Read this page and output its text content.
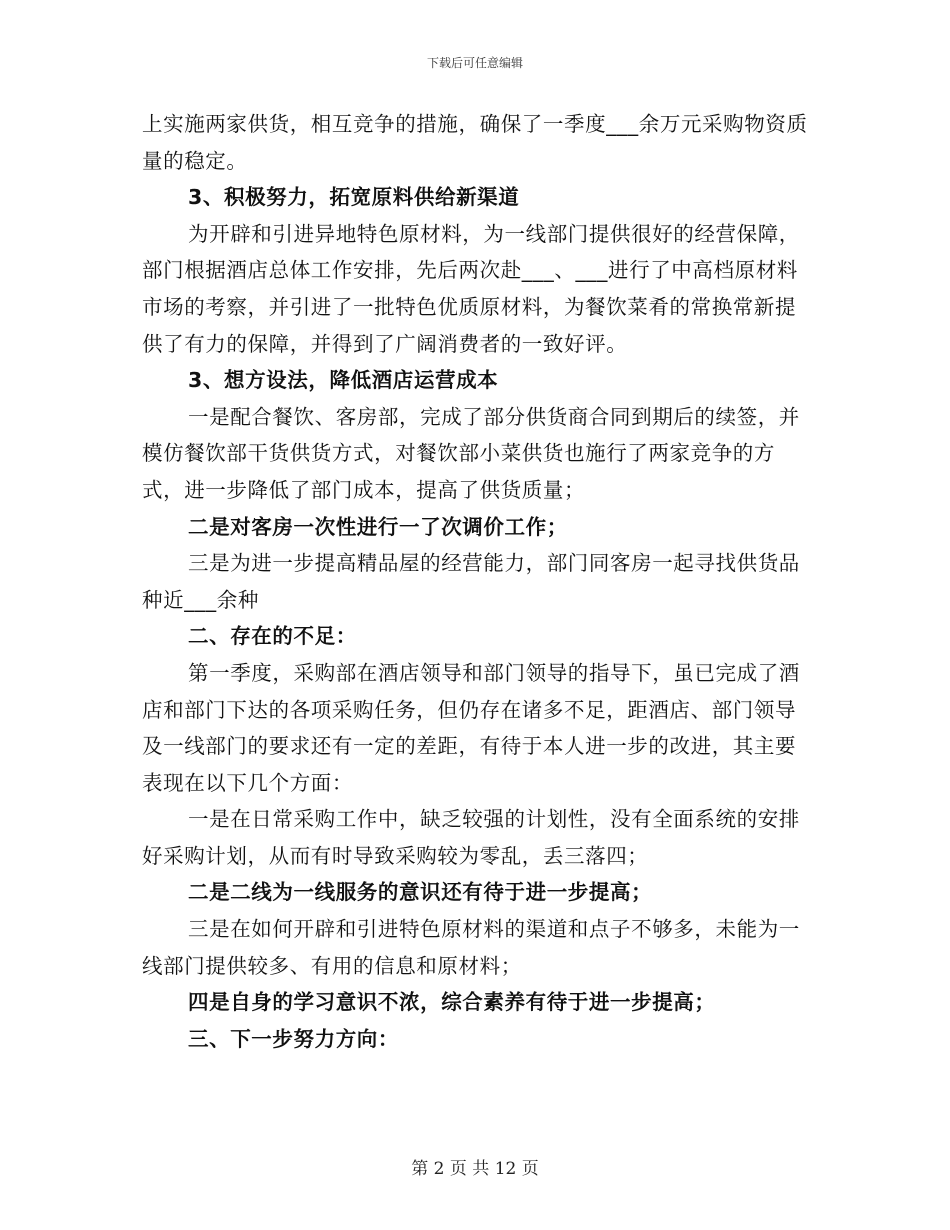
下载后可任意编辑

上实施两家供货，相互竞争的措施，确保了一季度___余万元采购物资质量的稳定。

3、积极努力，拓宽原料供给新渠道

为开辟和引进异地特色原材料，为一线部门提供很好的经营保障，部门根据酒店总体工作安排，先后两次赴___、___进行了中高档原材料市场的考察，并引进了一批特色优质原材料，为餐饮菜肴的常换常新提供了有力的保障，并得到了广阔消费者的一致好评。

3、想方设法，降低酒店运营成本

一是配合餐饮、客房部，完成了部分供货商合同到期后的续签，并模仿餐饮部干货供货方式，对餐饮部小菜供货也施行了两家竞争的方式，进一步降低了部门成本，提高了供货质量；

二是对客房一次性进行一了次调价工作；

三是为进一步提高精品屋的经营能力，部门同客房一起寻找供货品种近___余种

二、存在的不足：

第一季度，采购部在酒店领导和部门领导的指导下，虽已完成了酒店和部门下达的各项采购任务，但仍存在诸多不足，距酒店、部门领导及一线部门的要求还有一定的差距，有待于本人进一步的改进，其主要表现在以下几个方面：

一是在日常采购工作中，缺乏较强的计划性，没有全面系统的安排好采购计划，从而有时导致采购较为零乱，丢三落四；

二是二线为一线服务的意识还有待于进一步提高；

三是在如何开辟和引进特色原材料的渠道和点子不够多，未能为一线部门提供较多、有用的信息和原材料；

四是自身的学习意识不浓，综合素养有待于进一步提高；

三、下一步努力方向：

第 2 页 共 12 页
